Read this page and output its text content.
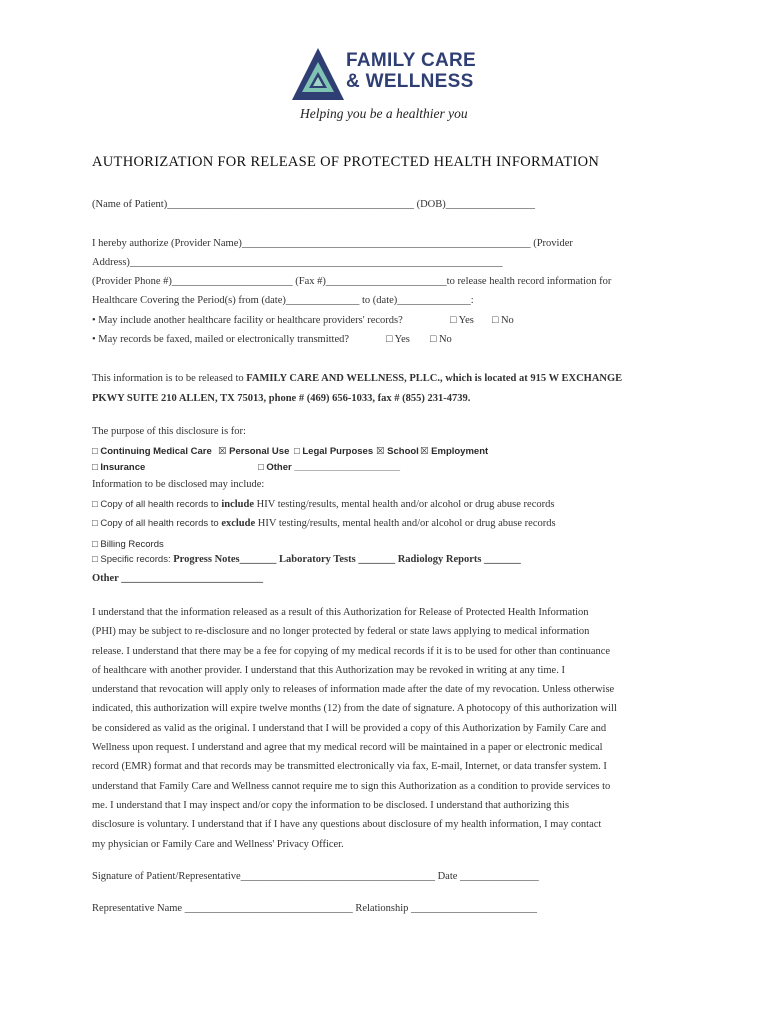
FAMILY CARE
& WELLNESS
Helping you be a healthier you
AUTHORIZATION FOR RELEASE OF PROTECTED HEALTH INFORMATION
(Name of Patient)_______________________________________________ (DOB)_________________
I hereby authorize (Provider Name)_______________________________________________________ (Provider
Address)_______________________________________________________________________
(Provider Phone #)_______________________ (Fax #)_______________________to release health record information for
Healthcare Covering the Period(s) from (date)______________ to (date)______________:
• May include another healthcare facility or healthcare providers' records?	□ Yes □ No
• May records be faxed, mailed or electronically transmitted?	□ Yes □ No
This information is to be released to FAMILY CARE AND WELLNESS, PLLC., which is located at 915 W EXCHANGE
PKWY SUITE 210 ALLEN, TX 75013, phone # (469) 656-1033, fax # (855) 231-4739.
The purpose of this disclosure is for:
□ Continuing Medical Care ☒ Personal Use □ Legal Purposes ☒ School ☒ Employment
□ Insurance	□ Other ____________________
Information to be disclosed may include:
□ Copy of all health records to include HIV testing/results, mental health and/or alcohol or drug abuse records
□ Copy of all health records to exclude HIV testing/results, mental health and/or alcohol or drug abuse records
□ Billing Records
□ Specific records: Progress Notes_______ Laboratory Tests _______ Radiology Reports _______
Other ___________________________
I understand that the information released as a result of this Authorization for Release of Protected Health Information
(PHI) may be subject to re-disclosure and no longer protected by federal or state laws applying to medical information
release. I understand that there may be a fee for copying of my medical records if it is to be used for other than continuance
of healthcare with another provider. I understand that this Authorization may be revoked in writing at any time. I
understand that revocation will apply only to releases of information made after the date of my revocation. Unless otherwise
indicated, this authorization will expire twelve months (12) from the date of signature. A photocopy of this authorization will
be considered as valid as the original. I understand that I will be provided a copy of this Authorization by Family Care and
Wellness upon request. I understand and agree that my medical record will be maintained in a paper or electronic medical
record (EMR) format and that records may be transmitted electronically via fax, E-mail, Internet, or data transfer system. I
understand that Family Care and Wellness cannot require me to sign this Authorization as a condition to provide services to
me. I understand that I may inspect and/or copy the information to be disclosed. I understand that authorizing this
disclosure is voluntary. I understand that if I have any questions about disclosure of my health information, I may contact
my physician or Family Care and Wellness' Privacy Officer.
Signature of Patient/Representative_____________________________________ Date _______________
Representative Name ________________________________ Relationship ________________________
